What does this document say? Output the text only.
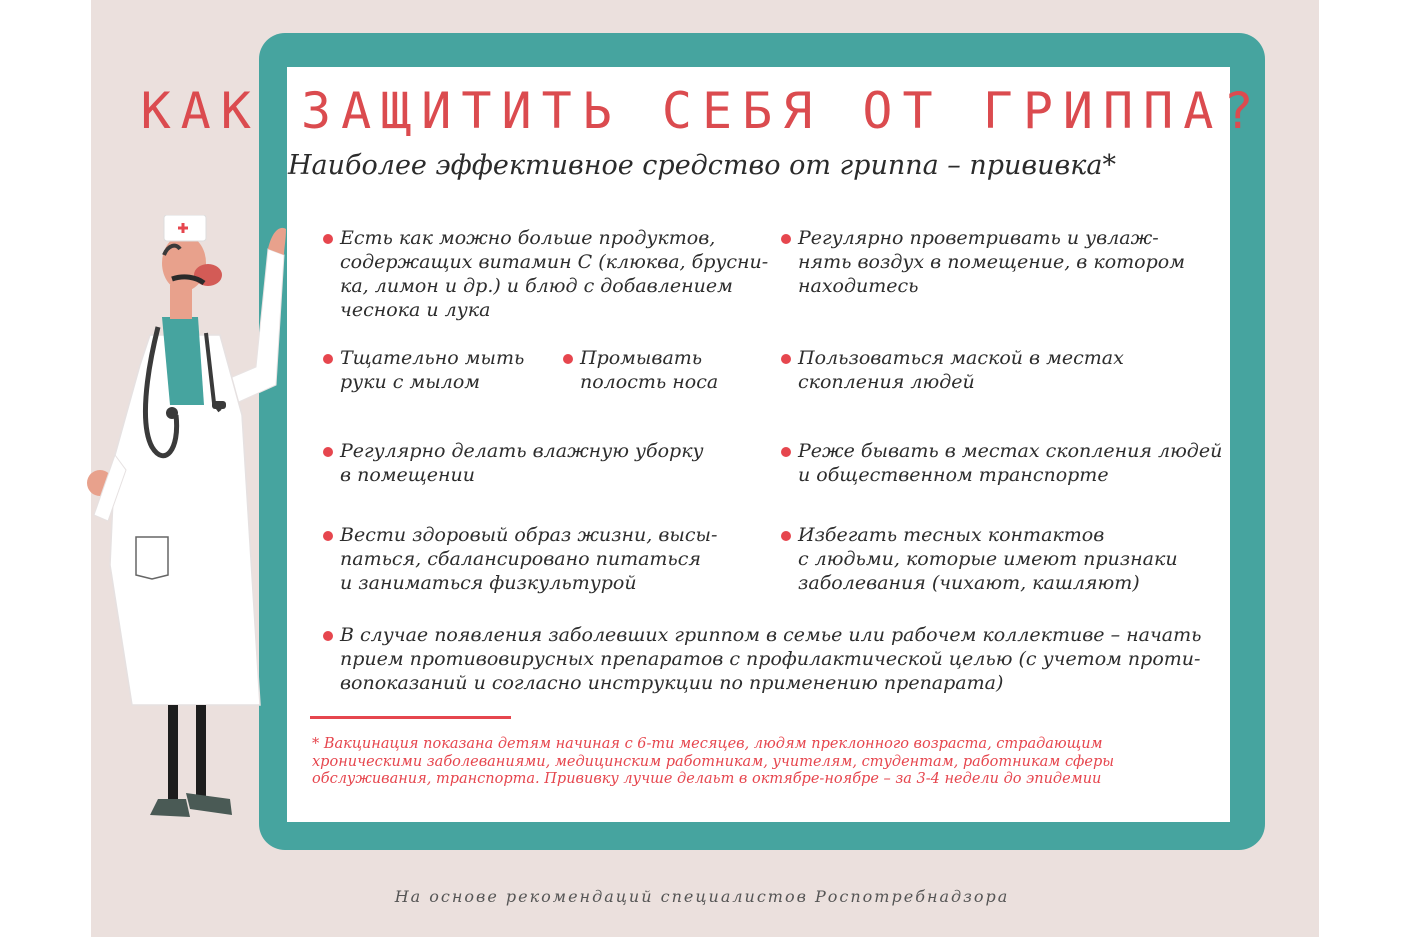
КАК ЗАЩИТИТЬ СЕБЯ ОТ ГРИППА?
Наиболее эффективное средство от гриппа – прививка*
Есть как можно больше продуктов,
содержащих витамин С (клюква, брусни-
ка, лимон и др.) и блюд с добавлением
чеснока и лука
Регулярно проветривать и увлаж-
нять воздух в помещение, в котором
находитесь
Тщательно мыть
руки с мылом
Промывать
полость носа
Пользоваться маской в местах
скопления людей
Регулярно делать влажную уборку
в помещении
Реже бывать в местах скопления людей
и общественном транспорте
Вести здоровый образ жизни, высы-
паться, сбалансировано питаться
и заниматься физкультурой
Избегать тесных контактов
с людьми, которые имеют признаки
заболевания (чихают, кашляют)
В случае появления заболевших гриппом в семье или рабочем коллективе – начать
прием противовирусных препаратов с профилактической целью (с учетом проти-
вопоказаний и согласно инструкции по применению препарата)
* Вакцинация показана детям начиная с 6-ти месяцев, людям преклонного возраста, страдающим
хроническими заболеваниями, медицинским работникам, учителям, студентам, работникам сферы
обслуживания, транспорта. Прививку лучше делаьт в октябре-ноябре – за 3-4 недели до эпидемии
На основе рекомендаций специалистов Роспотребнадзора
